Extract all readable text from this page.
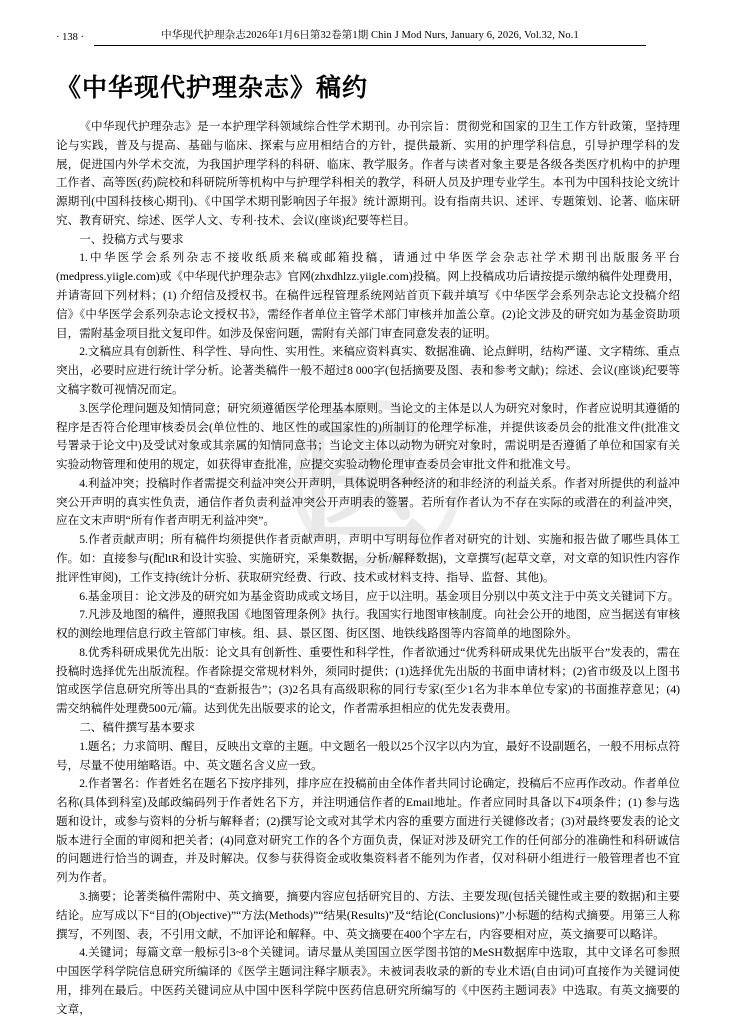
医
· 138 ·	中华现代护理杂志2026年1月6日第32卷第1期 Chin J Mod Nurs, January 6, 2026, Vol.32, No.1
《中华现代护理杂志》稿约

《中华现代护理杂志》是一本护理学科领域综合性学术期刊。办刊宗旨：贯彻党和国家的卫生工作方针政策，坚持理论与实践，普及与提高、基础与临床、探索与应用相结合的方针，提供最新、实用的护理学科信息，引导护理学科的发展，促进国内外学术交流，为我国护理学科的科研、临床、教学服务。作者与读者对象主要是各级各类医疗机构中的护理工作者、高等医(药)院校和科研院所等机构中与护理学科相关的教学，科研人员及护理专业学生。本刊为中国科技论文统计源期刊(中国科技核心期刊)、《中国学术期刊影响因子年报》统计源期刊。设有指南共识、述评、专题策划、论著、临床研究、教育研究、综述、医学人文、专利·技术、会议(座谈)纪要等栏目。

一、投稿方式与要求

1.中华医学会系列杂志不接收纸质来稿或邮箱投稿，请通过中华医学会杂志社学术期刊出版服务平台(medpress.yiigle.com)或《中华现代护理杂志》官网(zhxdhlzz.yiigle.com)投稿。网上投稿成功后请按提示缴纳稿件处理费用，并请寄回下列材料；(1) 介绍信及授权书。在稿件远程管理系统网站首页下载并填写《中华医学会系列杂志论文投稿介绍信》《中华医学会系列杂志论文授权书》，需经作者单位主管学术部门审核并加盖公章。(2)论文涉及的研究如为基金资助项目，需附基金项目批文复印件。如涉及保密问题，需附有关部门审查同意发表的证明。

2.文稿应具有创新性、科学性、导向性、实用性。来稿应资料真实、数据准确、论点鲜明，结构严谨、文字精练、重点突出，必要时应进行统计学分析。论著类稿件一般不超过8 000字(包括摘要及图、表和参考文献)；综述、会议(座谈)纪要等文稿字数可视情况而定。

3.医学伦理问题及知情同意；研究须遵循医学伦理基本原则。当论文的主体是以人为研究对象时，作者应说明其遵循的程序是否符合伦理审核委员会(单位性的、地区性的或国家性的)所制订的伦理学标准，并提供该委员会的批准文件(批准文号署录于论文中)及受试对象或其亲属的知情同意书；当论文主体以动物为研究对象时，需说明是否遵循了单位和国家有关实验动物管理和使用的规定，如获得审查批准，应提交实验动物伦理审查委员会审批文件和批准文号。

4.利益冲突；投稿时作者需提交利益冲突公开声明，具体说明各种经济的和非经济的利益关系。作者对所提供的利益冲突公开声明的真实性负责，通信作者负责利益冲突公开声明表的签署。若所有作者认为不存在实际的或潜在的利益冲突，应在文末声明“所有作者声明无利益冲突”。

5.作者贡献声明；所有稿件均须提供作者贡献声明，声明中写明每位作者对研究的计划、实施和报告做了哪些具体工作。如：直接参与(配ltR和设计实验、实施研究，采集数据，分析/解释数据)，文章撰写(起草文章，对文章的知识性内容作批评性审阅)，工作支持(统计分析、获取研究经费、行政、技术或材料支持、指导、监督、其他)。

6.基金项目：论文涉及的研究如为基金资助成或文场目，应于以注明。基金项目分别以中英文注于中英文关键词下方。

7.凡涉及地图的稿件，遵照我国《地图管理条例》执行。我国实行地图审核制度。向社会公开的地图，应当据送有审核权的测绘地理信息行政主管部门审核。组、县、景区图、街区图、地铁线路图等内容简单的地图除外。

8.优秀科研成果优先出版：论文具有创新性、重要性和科学性，作者欲通过“优秀科研成果优先出版平台”发表的，需在投稿时选择优先出版流程。作者除提交常规材料外，须同时提供；(1)选择优先出版的书面申请材料；(2)省市级及以上图书馆或医学信息研究所等出具的“查新报告”；(3)2名具有高级职称的同行专家(至少1名为非本单位专家)的书面推荐意见；(4)需交纳稿件处理费500元/篇。达到优先出版要求的论文，作者需承担相应的优先发表费用。

二、稿件撰写基本要求

1.题名；力求简明、醒目，反映出文章的主题。中文题名一般以25个汉字以内为宜，最好不设副题名，一般不用标点符号，尽量不使用缩略语。中、英文题名含义应一致。

2.作者署名：作者姓名在题名下按序排列，排序应在投稿前由全体作者共同讨论确定，投稿后不应再作改动。作者单位名称(具体到科室)及邮政编码列于作者姓名下方，并注明通信作者的Email地址。作者应同时具备以下4项条件；(1) 参与选题和设计，或参与资料的分析与解释者；(2)撰写论文或对其学术内容的重要方面进行关键修改者；(3)对最终要发表的论文版本进行全面的审阅和把关者；(4)同意对研究工作的各个方面负责，保证对涉及研究工作的任何部分的准确性和科研诚信的问题进行恰当的调查，并及时解决。仅参与获得资金或收集资料者不能列为作者，仅对科研小组进行一般管理者也不宜列为作者。

3.摘要；论著类稿件需附中、英文摘要，摘要内容应包括研究目的、方法、主要发现(包括关键性或主要的数据)和主要结论。应写成以下“目的(Objective)”“方法(Methods)”“结果(Results)”及“结论(Conclusions)”小标题的结构式摘要。用第三人称撰写，不列图、表，不引用文献，不加评论和解释。中、英文摘要在400个字左右，内容要相对应，英文摘要可以略详。

4.关键词；每篇文章一般标引3~8个关键词。请尽量从美国国立医学图书馆的MeSH数据库中选取，其中文译名可参照中国医学科学院信息研究所编译的《医学主题词注释字顺表》。未被词表收录的新的专业术语(自由词)可直接作为关键词使用，排列在最后。中医药关键词应从中国中医科学院中医药信息研究所编写的《中医药主题词表》中选取。有英文摘要的文章，
